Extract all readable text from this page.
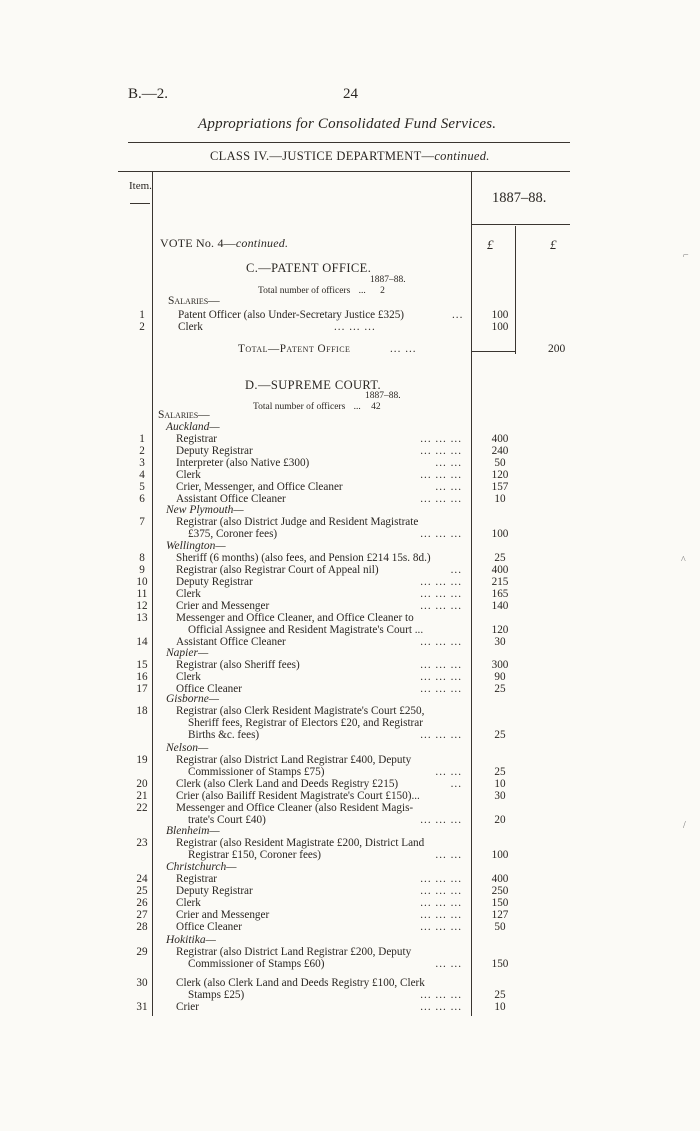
B.—2.	24
Appropriations for Consolidated Fund Services.
CLASS IV.—JUSTICE DEPARTMENT—continued.
Item.
1887–88.
£	£
VOTE No. 4—continued.
C.—PATENT OFFICE.
1887–88.
Total number of officers ... 2
Salaries—
1	Patent Officer (also Under-Secretary Justice £325)	...	100
2	Clerk	... ... ...	100
Total—Patent Office	... ...	200
D.—SUPREME COURT.
1887–88.
Total number of officers ... 42
Salaries—
Auckland—
New Plymouth—
Wellington—
Napier—
Gisborne—
Nelson—
Blenheim—
Christchurch—
Hokitika—
1	Registrar	... ... ...	400
2	Deputy Registrar	... ... ...	240
3	Interpreter (also Native £300)	... ...	50
4	Clerk	... ... ...	120
5	Crier, Messenger, and Office Cleaner	... ...	157
6	Assistant Office Cleaner	... ... ...	10
7	Registrar (also District Judge and Resident Magistrate
£375, Coroner fees)	... ... ...	100
8	Sheriff (6 months) (also fees, and Pension £214 15s. 8d.)	25
9	Registrar (also Registrar Court of Appeal nil)	...	400
10	Deputy Registrar	... ... ...	215
11	Clerk	... ... ...	165
12	Crier and Messenger	... ... ...	140
13	Messenger and Office Cleaner, and Office Cleaner to
Official Assignee and Resident Magistrate's Court ...	120
14	Assistant Office Cleaner	... ... ...	30
15	Registrar (also Sheriff fees)	... ... ...	300
16	Clerk	... ... ...	90
17	Office Cleaner	... ... ...	25
18	Registrar (also Clerk Resident Magistrate's Court £250,
Sheriff fees, Registrar of Electors £20, and Registrar
Births &c. fees)	... ... ...	25
19	Registrar (also District Land Registrar £400, Deputy
Commissioner of Stamps £75)	... ...	25
20	Clerk (also Clerk Land and Deeds Registry £215)	...	10
21	Crier (also Bailiff Resident Magistrate's Court £150)...	30
22	Messenger and Office Cleaner (also Resident Magis-
trate's Court £40)	... ... ...	20
23	Registrar (also Resident Magistrate £200, District Land
Registrar £150, Coroner fees)	... ...	100
24	Registrar	... ... ...	400
25	Deputy Registrar	... ... ...	250
26	Clerk	... ... ...	150
27	Crier and Messenger	... ... ...	127
28	Office Cleaner	... ... ...	50
29	Registrar (also District Land Registrar £200, Deputy
Commissioner of Stamps £60)	... ...	150
30	Clerk (also Clerk Land and Deeds Registry £100, Clerk
Stamps £25)	... ... ...	25
31	Crier	... ... ...	10
⌐
^
/
